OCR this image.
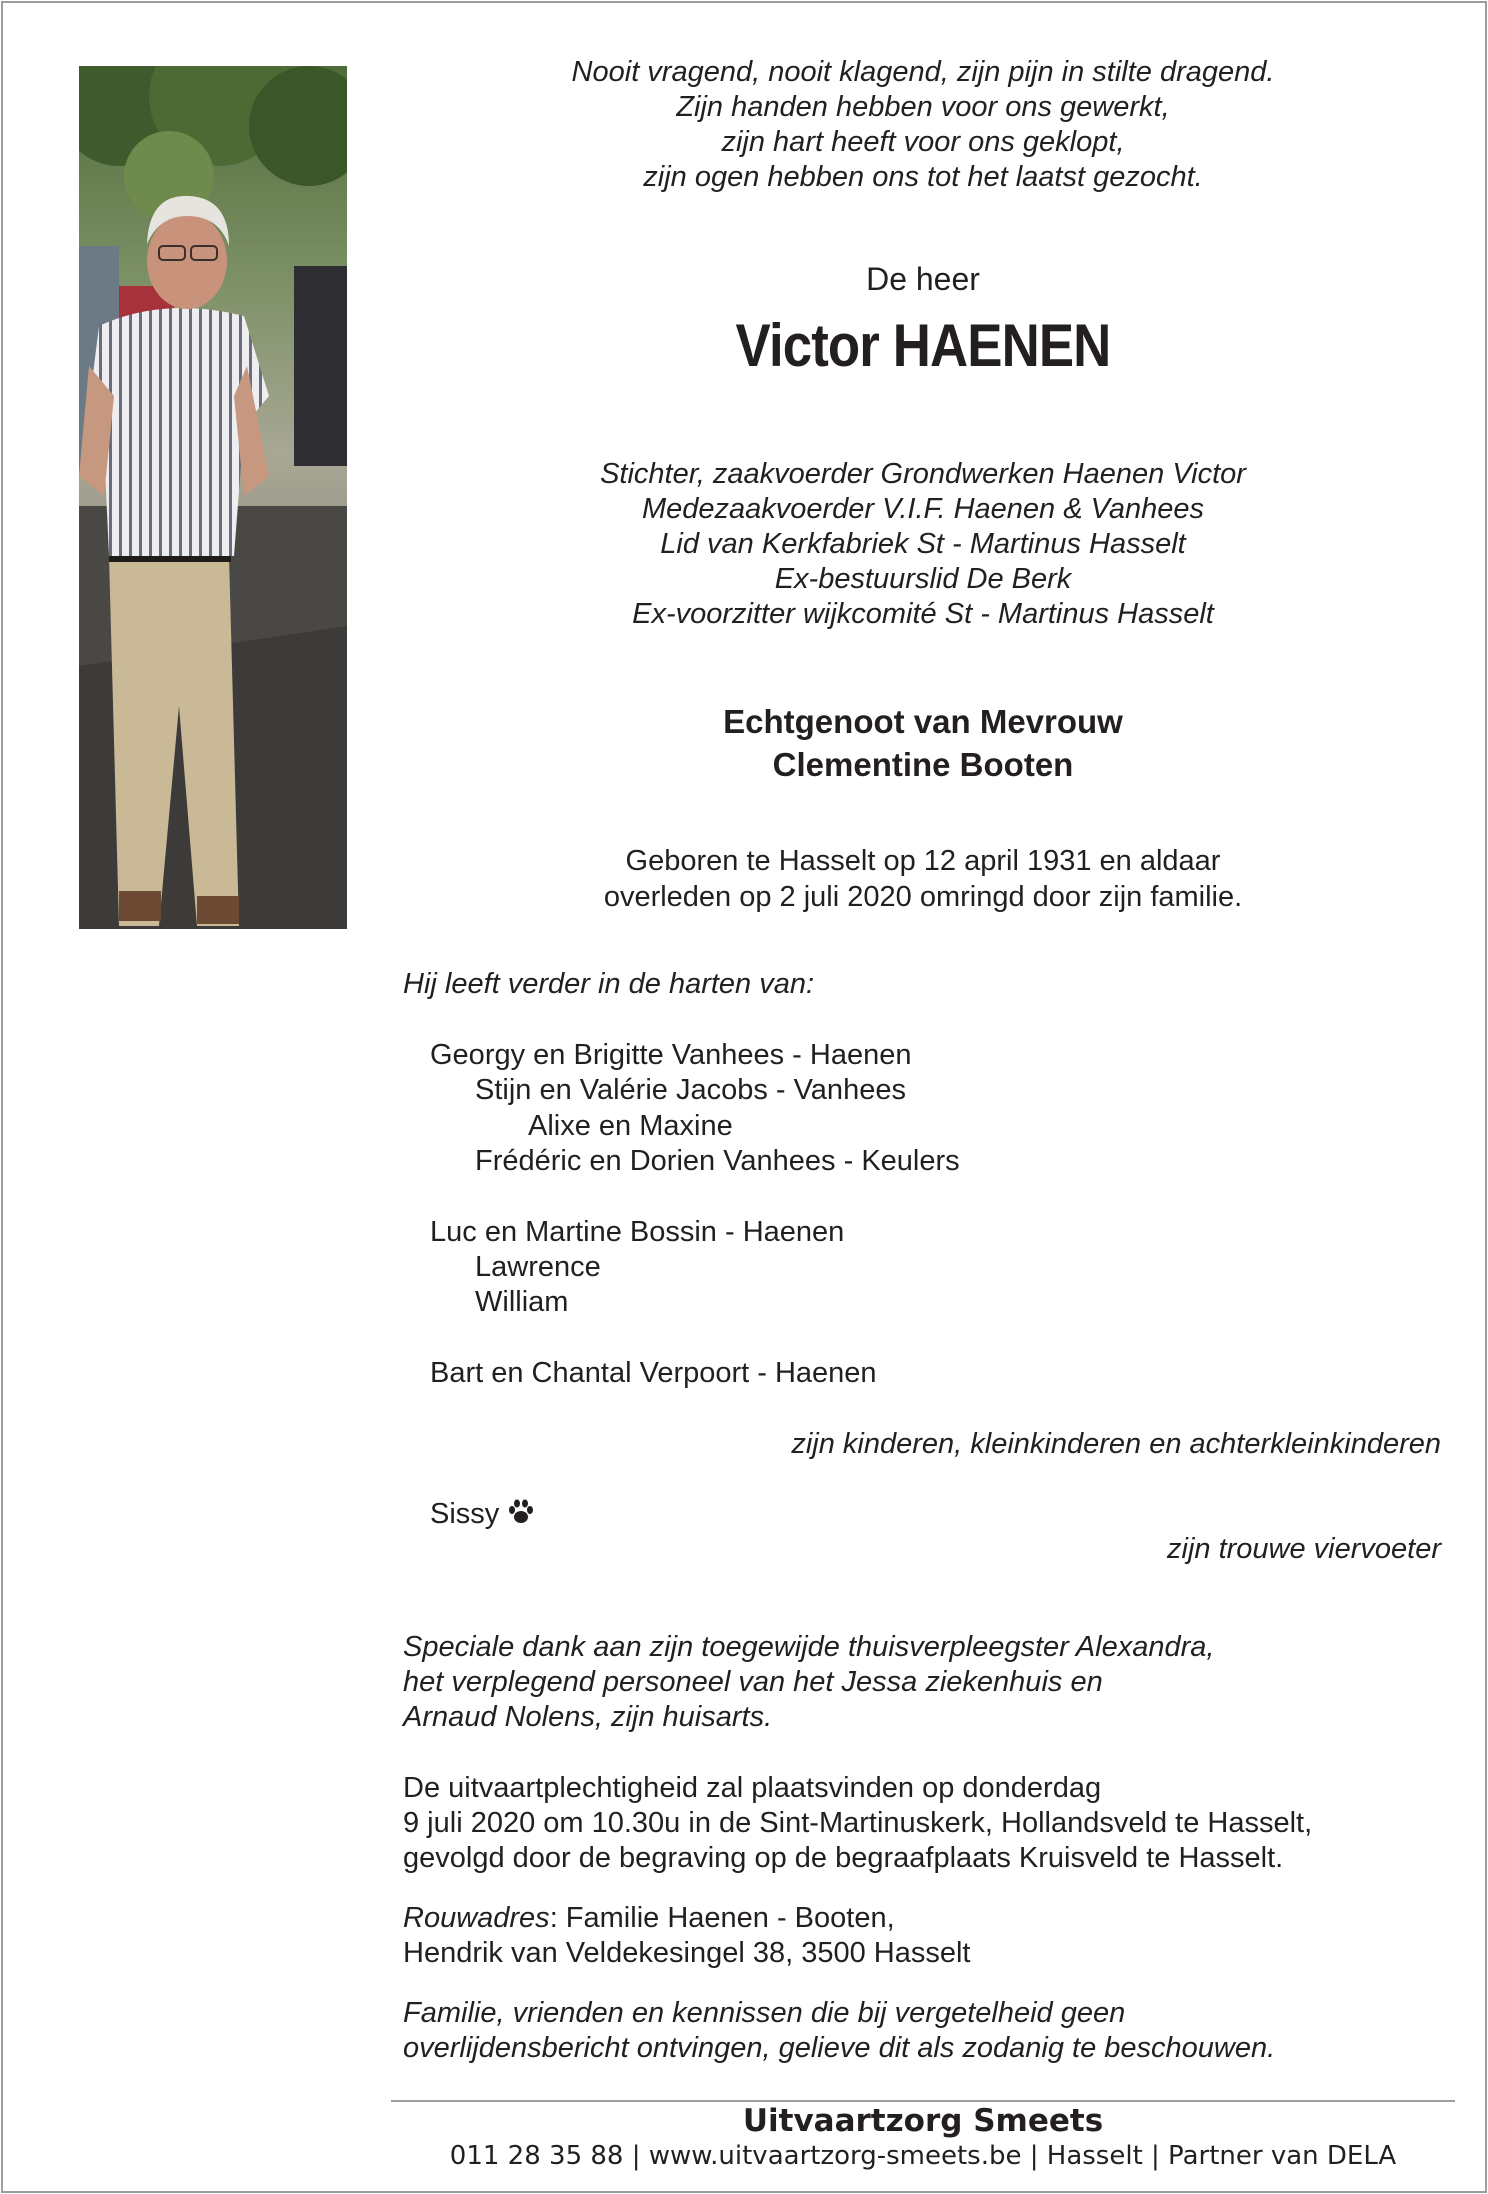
Nooit vragend, nooit klagend, zijn pijn in stilte dragend.
Zijn handen hebben voor ons gewerkt,
zijn hart heeft voor ons geklopt,
zijn ogen hebben ons tot het laatst gezocht.
De heer
Victor HAENEN
Stichter, zaakvoerder Grondwerken Haenen Victor
Medezaakvoerder V.I.F. Haenen & Vanhees
Lid van Kerkfabriek St - Martinus Hasselt
Ex-bestuurslid De Berk
Ex-voorzitter wijkcomité St - Martinus Hasselt
Echtgenoot van Mevrouw
Clementine Booten
Geboren te Hasselt op 12 april 1931 en aldaar
overleden op 2 juli 2020 omringd door zijn familie.
Hij leeft verder in de harten van:
Georgy en Brigitte Vanhees - Haenen
Stijn en Valérie Jacobs - Vanhees
Alixe en Maxine
Frédéric en Dorien Vanhees - Keulers
Luc en Martine Bossin - Haenen
Lawrence
William
Bart en Chantal Verpoort - Haenen
zijn kinderen, kleinkinderen en achterkleinkinderen
Sissy
zijn trouwe viervoeter
Speciale dank aan zijn toegewijde thuisverpleegster Alexandra,
het verplegend personeel van het Jessa ziekenhuis en
Arnaud Nolens, zijn huisarts.
De uitvaartplechtigheid zal plaatsvinden op donderdag
9 juli 2020 om 10.30u in de Sint-Martinuskerk, Hollandsveld te Hasselt,
gevolgd door de begraving op de begraafplaats Kruisveld te Hasselt.
Rouwadres: Familie Haenen - Booten,
Hendrik van Veldekesingel 38, 3500 Hasselt
Familie, vrienden en kennissen die bij vergetelheid geen
overlijdensbericht ontvingen, gelieve dit als zodanig te beschouwen.
Uitvaartzorg Smeets
011 28 35 88 | www.uitvaartzorg-smeets.be | Hasselt | Partner van DELA
